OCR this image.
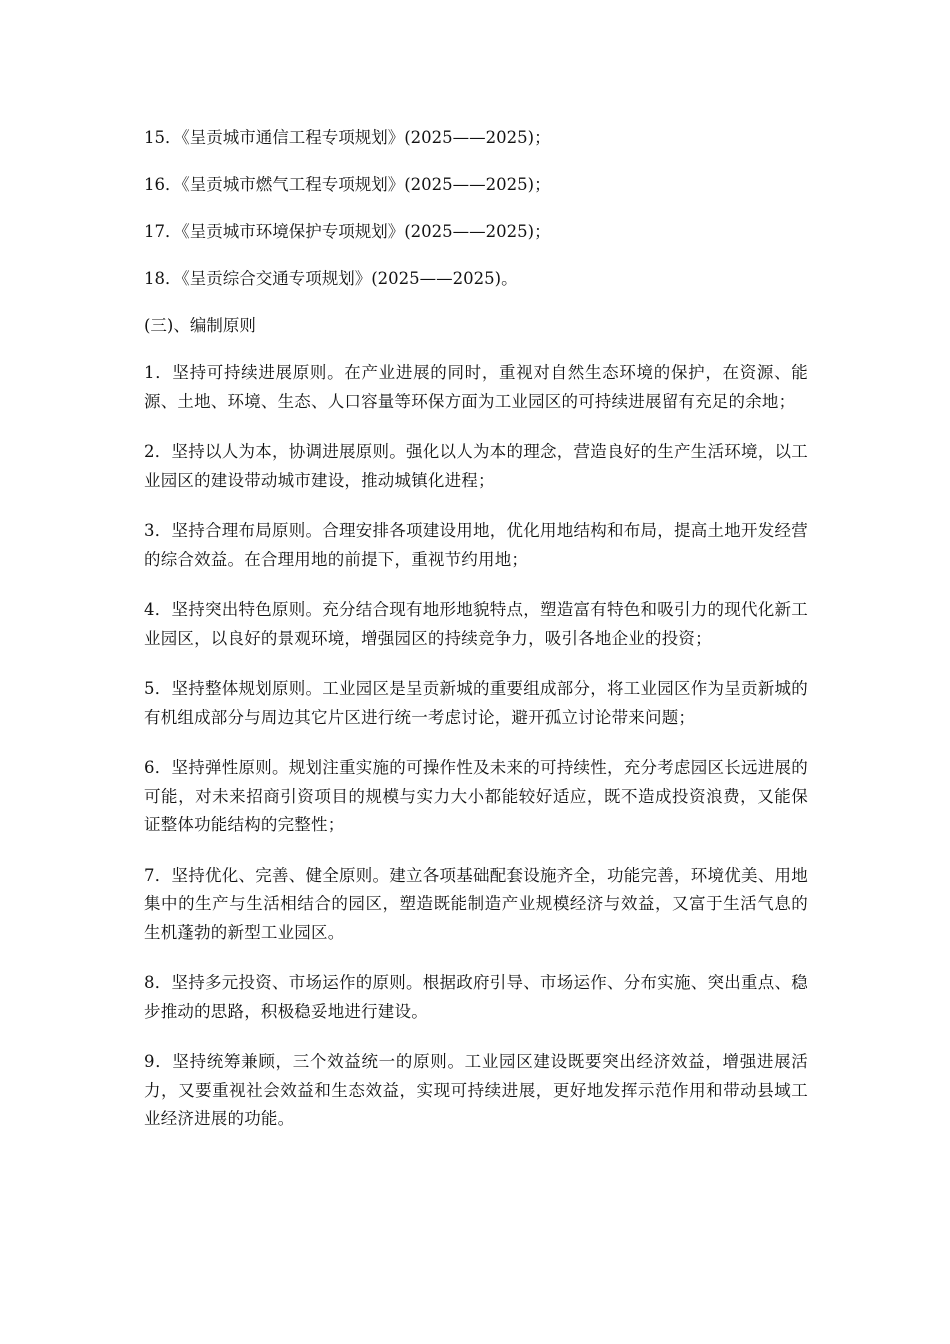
15．《呈贡城市通信工程专项规划》(2025——2025)；

16．《呈贡城市燃气工程专项规划》(2025——2025)；

17．《呈贡城市环境保护专项规划》(2025——2025)；

18．《呈贡综合交通专项规划》(2025——2025)。

(三)、编制原则

1．坚持可持续进展原则。在产业进展的同时，重视对自然生态环境的保护，在资源、能源、土地、环境、生态、人口容量等环保方面为工业园区的可持续进展留有充足的余地；

2．坚持以人为本，协调进展原则。强化以人为本的理念，营造良好的生产生活环境，以工业园区的建设带动城市建设，推动城镇化进程；

3．坚持合理布局原则。合理安排各项建设用地，优化用地结构和布局，提高土地开发经营的综合效益。在合理用地的前提下，重视节约用地；

4．坚持突出特色原则。充分结合现有地形地貌特点，塑造富有特色和吸引力的现代化新工业园区，以良好的景观环境，增强园区的持续竞争力，吸引各地企业的投资；

5．坚持整体规划原则。工业园区是呈贡新城的重要组成部分，将工业园区作为呈贡新城的有机组成部分与周边其它片区进行统一考虑讨论，避开孤立讨论带来问题；

6．坚持弹性原则。规划注重实施的可操作性及未来的可持续性，充分考虑园区长远进展的可能，对未来招商引资项目的规模与实力大小都能较好适应，既不造成投资浪费，又能保证整体功能结构的完整性；

7．坚持优化、完善、健全原则。建立各项基础配套设施齐全，功能完善，环境优美、用地集中的生产与生活相结合的园区，塑造既能制造产业规模经济与效益，又富于生活气息的生机蓬勃的新型工业园区。

8．坚持多元投资、市场运作的原则。根据政府引导、市场运作、分布实施、突出重点、稳步推动的思路，积极稳妥地进行建设。

9．坚持统筹兼顾，三个效益统一的原则。工业园区建设既要突出经济效益，增强进展活力，又要重视社会效益和生态效益，实现可持续进展，更好地发挥示范作用和带动县域工业经济进展的功能。
